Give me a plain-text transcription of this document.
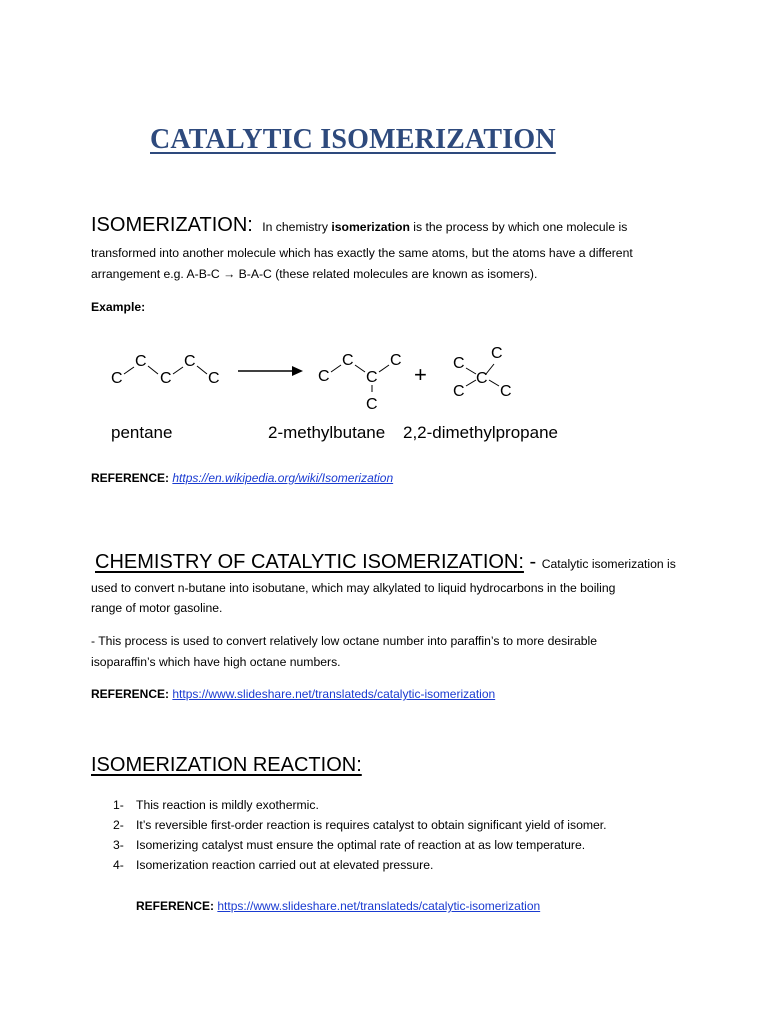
CATALYTIC ISOMERIZATION
ISOMERIZATION: In chemistry isomerization is the process by which one molecule is
transformed into another molecule which has exactly the same atoms, but the atoms have a different
arrangement e.g. A-B-C → B-A-C (these related molecules are known as isomers).
Example:
C
C
C
C
C	C
C
C
C
C
+ C
C
C
C C
pentane	2-methylbutane 2,2-dimethylpropane
REFERENCE: https://en.wikipedia.org/wiki/Isomerization
CHEMISTRY OF CATALYTIC ISOMERIZATION: - Catalytic isomerization is
used to convert n-butane into isobutane, which may alkylated to liquid hydrocarbons in the boiling
range of motor gasoline.
- This process is used to convert relatively low octane number into paraffin’s to more desirable
isoparaffin’s which have high octane numbers.
REFERENCE: https://www.slideshare.net/translateds/catalytic-isomerization
ISOMERIZATION REACTION:
1- This reaction is mildly exothermic.
2- It’s reversible first-order reaction is requires catalyst to obtain significant yield of isomer.
3- Isomerizing catalyst must ensure the optimal rate of reaction at as low temperature.
4- Isomerization reaction carried out at elevated pressure.
REFERENCE: https://www.slideshare.net/translateds/catalytic-isomerization
